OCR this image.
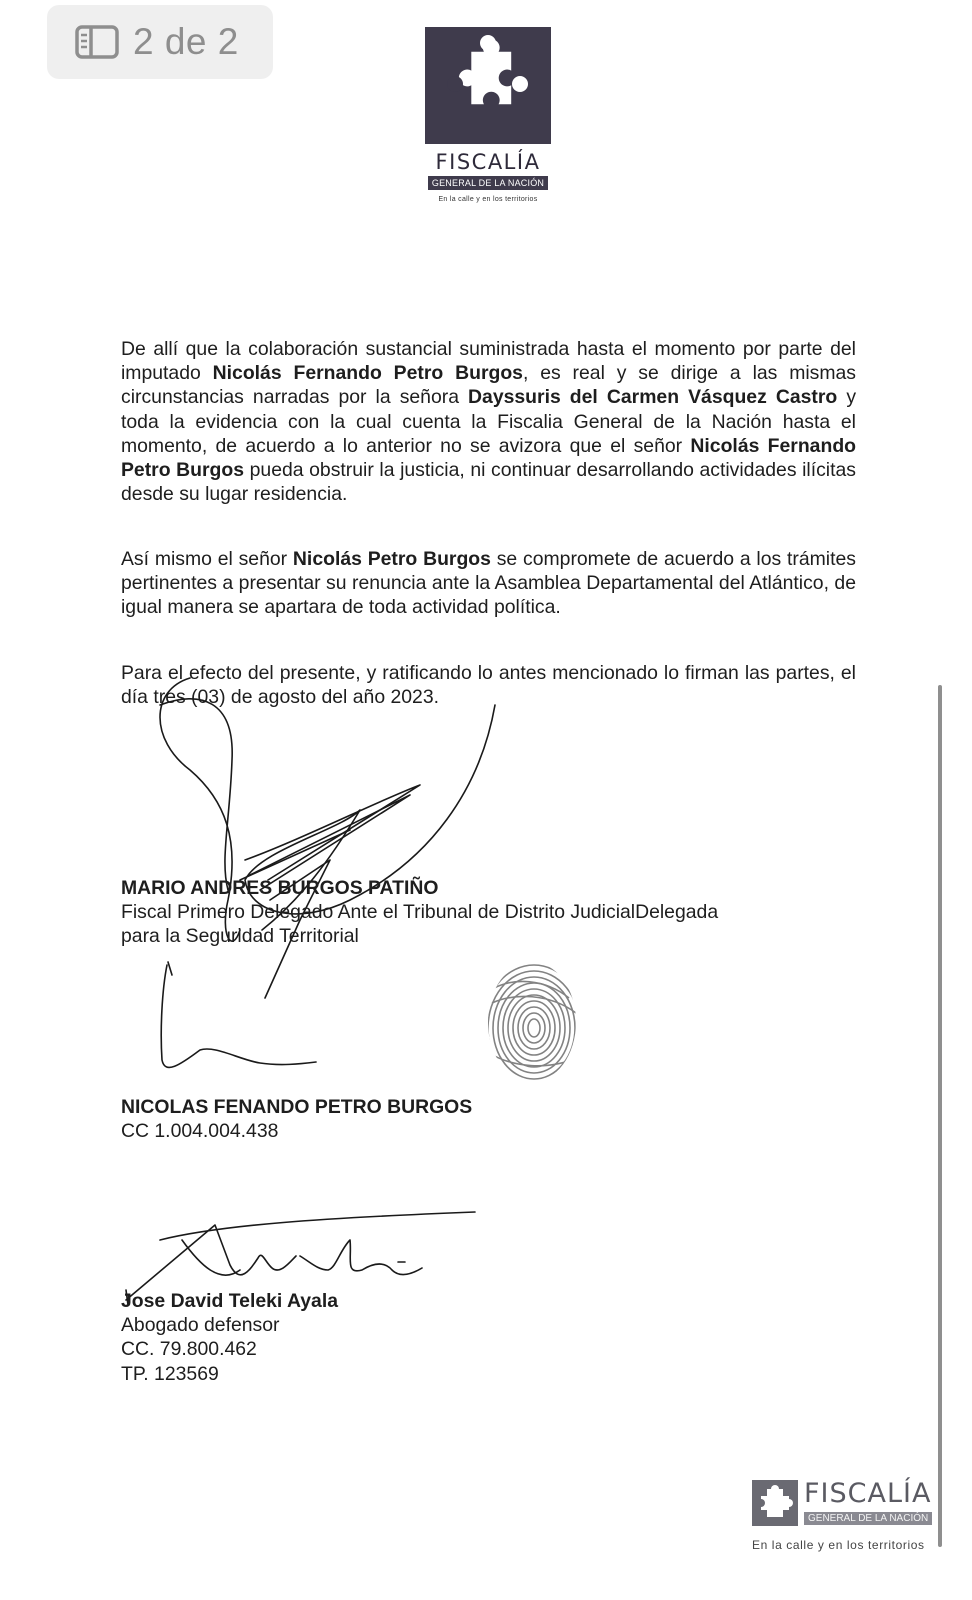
2 de 2
FISCALÍA
GENERAL DE LA NACIÓN
En la calle y en los territorios
De allí que la colaboración sustancial suministrada hasta el momento por parte del imputado Nicolás Fernando Petro Burgos, es real y se dirige a las mismas circunstancias narradas por la señora Dayssuris del Carmen Vásquez Castro y toda la evidencia con la cual cuenta la Fiscalia General de la Nación hasta el momento, de acuerdo a lo anterior no se avizora que el señor Nicolás Fernando Petro Burgos pueda obstruir la justicia, ni continuar desarrollando actividades ilícitas desde su lugar residencia.
Así mismo el señor Nicolás Petro Burgos se compromete de acuerdo a los trámites pertinentes a presentar su renuncia ante la Asamblea Departamental del Atlántico, de igual manera se apartara de toda actividad política.
Para el efecto del presente, y ratificando lo antes mencionado lo firman las partes, el día tres (03) de agosto del año 2023.
MARIO ANDRES BURGOS PATIÑO
Fiscal Primero Delegado Ante el Tribunal de Distrito JudicialDelegada
para la Seguridad Territorial
NICOLAS FENANDO PETRO BURGOS
CC 1.004.004.438
Jose David Teleki Ayala
Abogado defensor
CC. 79.800.462
TP. 123569
FISCALÍA
GENERAL DE LA NACIÓN
En la calle y en los territorios
